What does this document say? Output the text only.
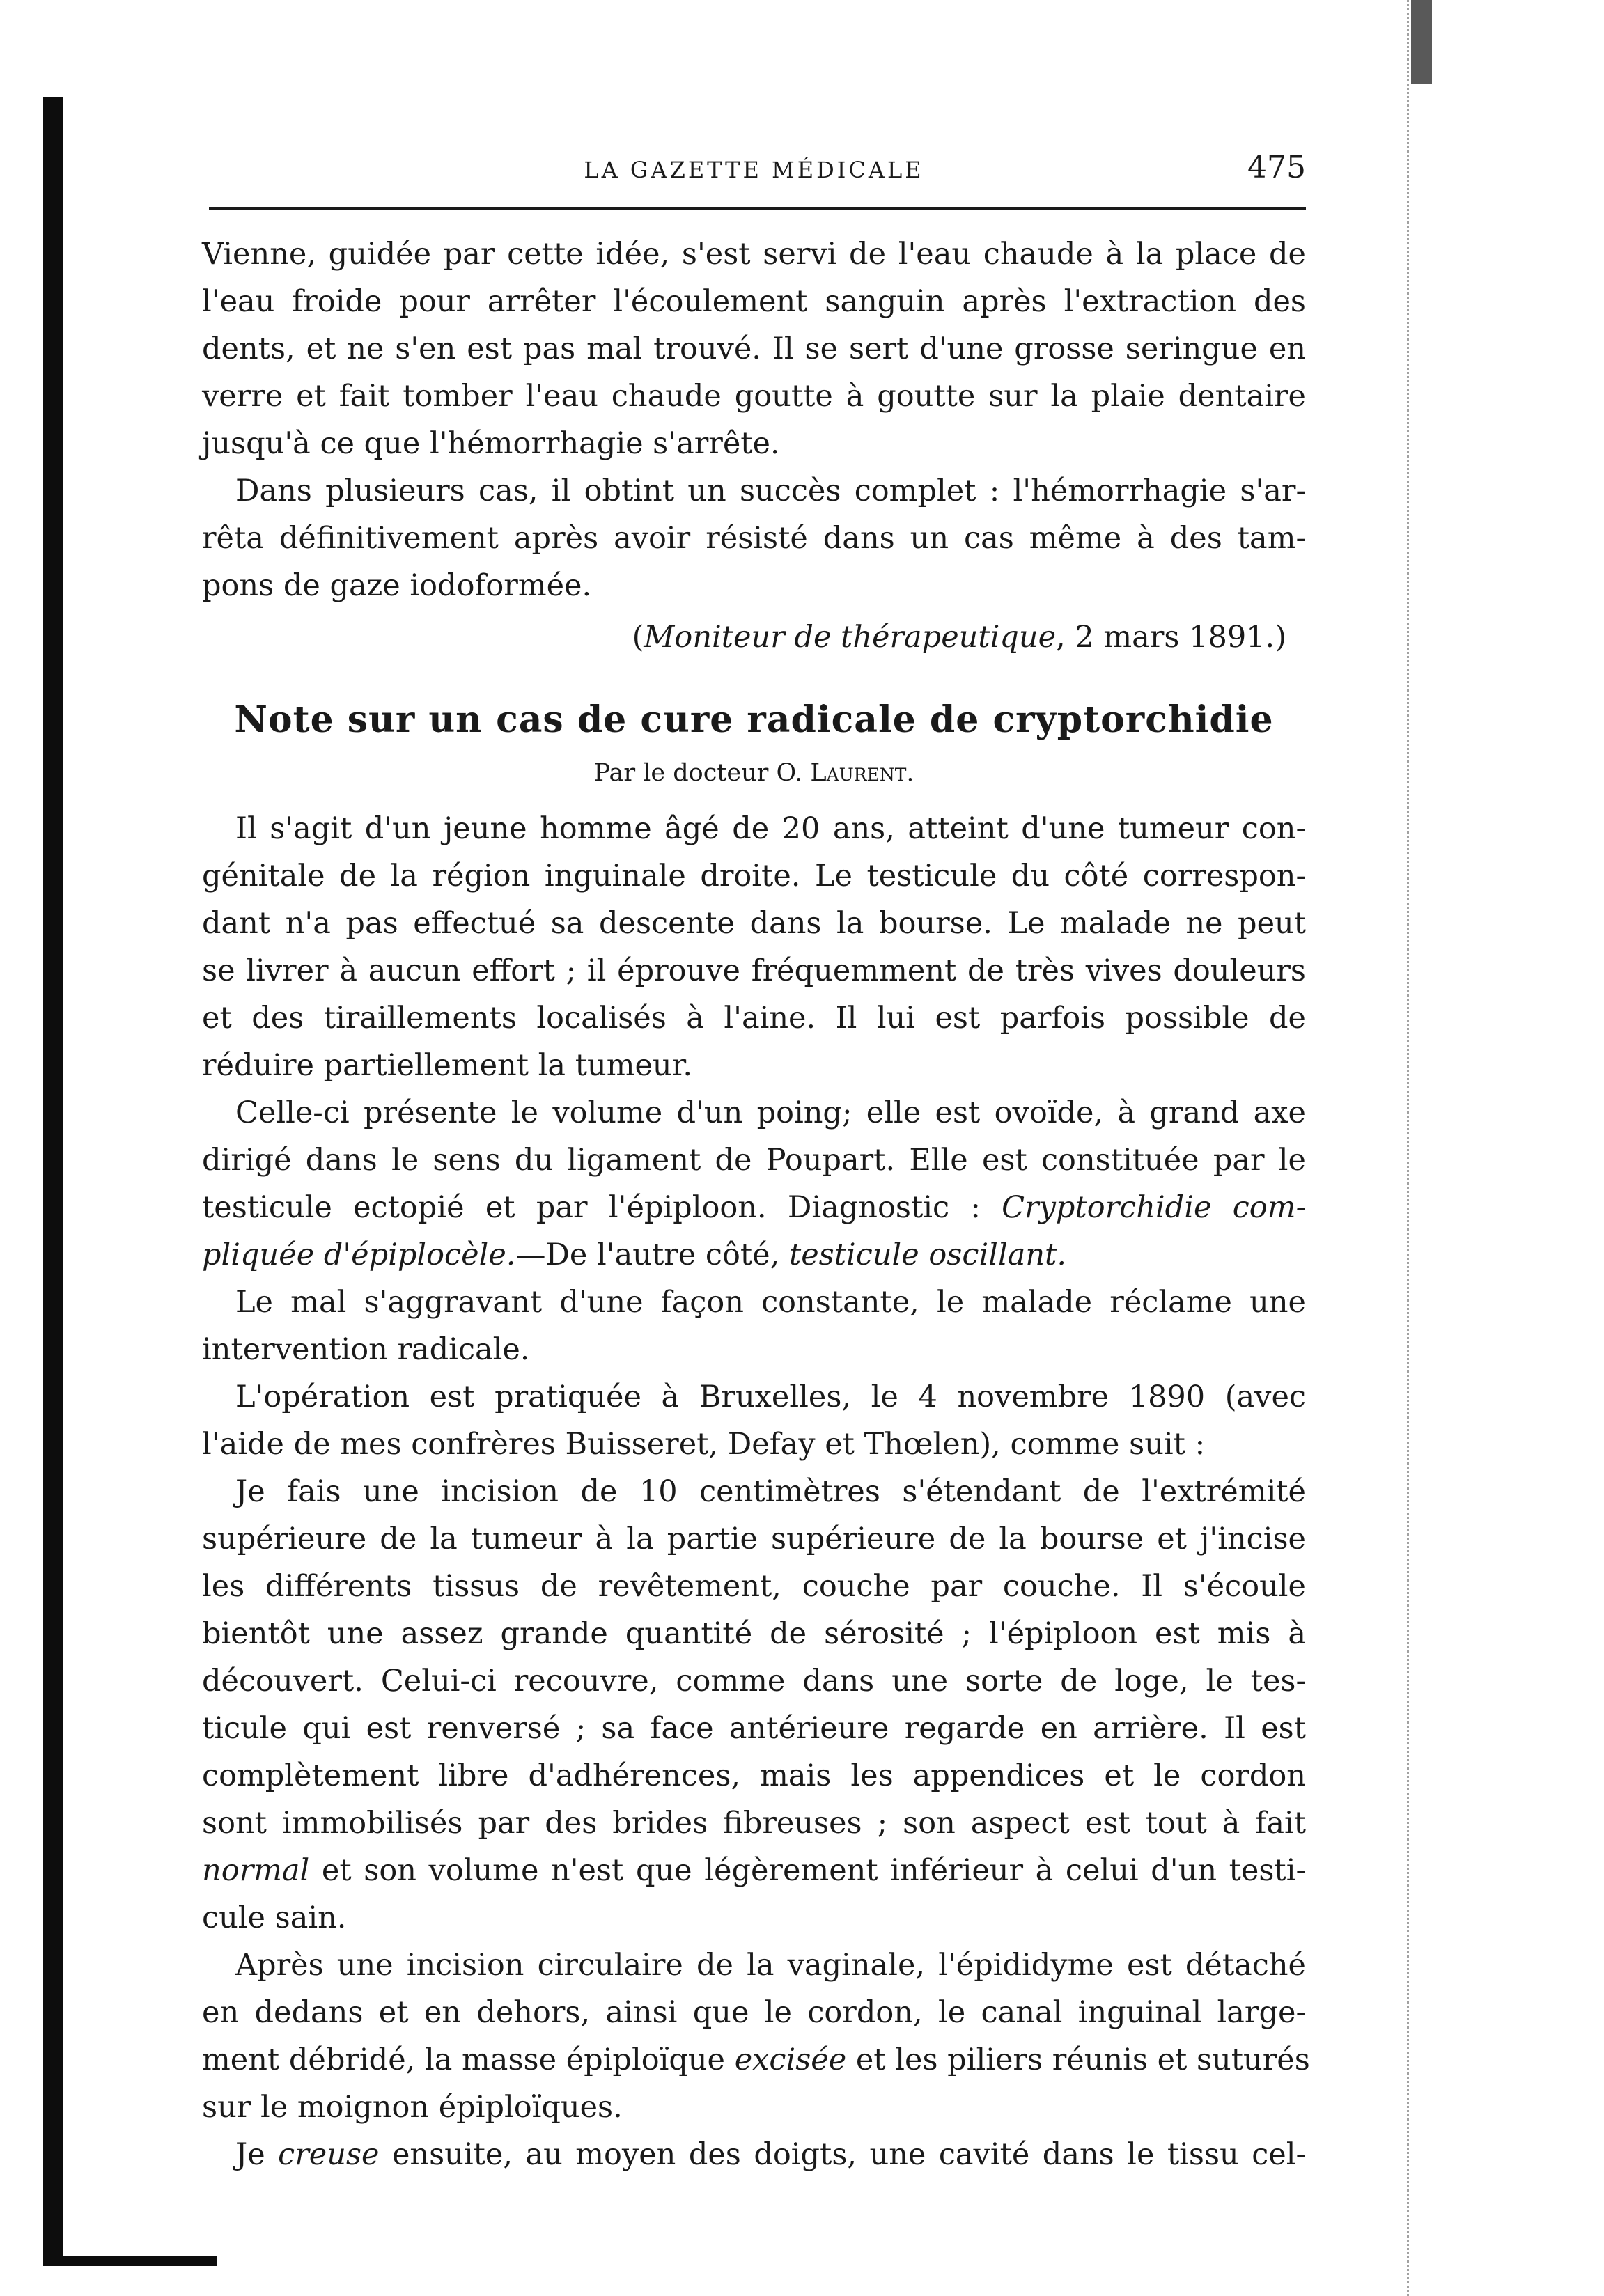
LA GAZETTE MÉDICALE	475
Vienne, guidée par cette idée, s'est servi de l'eau chaude à la place de
l'eau froide pour arrêter l'écoulement sanguin après l'extraction des
dents, et ne s'en est pas mal trouvé. Il se sert d'une grosse seringue en
verre et fait tomber l'eau chaude goutte à goutte sur la plaie dentaire
jusqu'à ce que l'hémorrhagie s'arrête.
Dans plusieurs cas, il obtint un succès complet : l'hémorrhagie s'ar-
rêta définitivement après avoir résisté dans un cas même à des tam-
pons de gaze iodoformée.
(Moniteur de thérapeutique, 2 mars 1891.)
Note sur un cas de cure radicale de cryptorchidie
Par le docteur O. Laurent.
Il s'agit d'un jeune homme âgé de 20 ans, atteint d'une tumeur con-
génitale de la région inguinale droite. Le testicule du côté correspon-
dant n'a pas effectué sa descente dans la bourse. Le malade ne peut
se livrer à aucun effort ; il éprouve fréquemment de très vives douleurs
et des tiraillements localisés à l'aine. Il lui est parfois possible de
réduire partiellement la tumeur.
Celle-ci présente le volume d'un poing; elle est ovoïde, à grand axe
dirigé dans le sens du ligament de Poupart. Elle est constituée par le
testicule ectopié et par l'épiploon. Diagnostic : Cryptorchidie com-
pliquée d'épiplocèle.—De l'autre côté, testicule oscillant.
Le mal s'aggravant d'une façon constante, le malade réclame une
intervention radicale.
L'opération est pratiquée à Bruxelles, le 4 novembre 1890 (avec
l'aide de mes confrères Buisseret, Defay et Thœlen), comme suit :
Je fais une incision de 10 centimètres s'étendant de l'extrémité
supérieure de la tumeur à la partie supérieure de la bourse et j'incise
les différents tissus de revêtement, couche par couche. Il s'écoule
bientôt une assez grande quantité de sérosité ; l'épiploon est mis à
découvert. Celui-ci recouvre, comme dans une sorte de loge, le tes-
ticule qui est renversé ; sa face antérieure regarde en arrière. Il est
complètement libre d'adhérences, mais les appendices et le cordon
sont immobilisés par des brides fibreuses ; son aspect est tout à fait
normal et son volume n'est que légèrement inférieur à celui d'un testi-
cule sain.
Après une incision circulaire de la vaginale, l'épididyme est détaché
en dedans et en dehors, ainsi que le cordon, le canal inguinal large-
ment débridé, la masse épiploïque excisée et les piliers réunis et suturés
sur le moignon épiploïques.
Je creuse ensuite, au moyen des doigts, une cavité dans le tissu cel-
